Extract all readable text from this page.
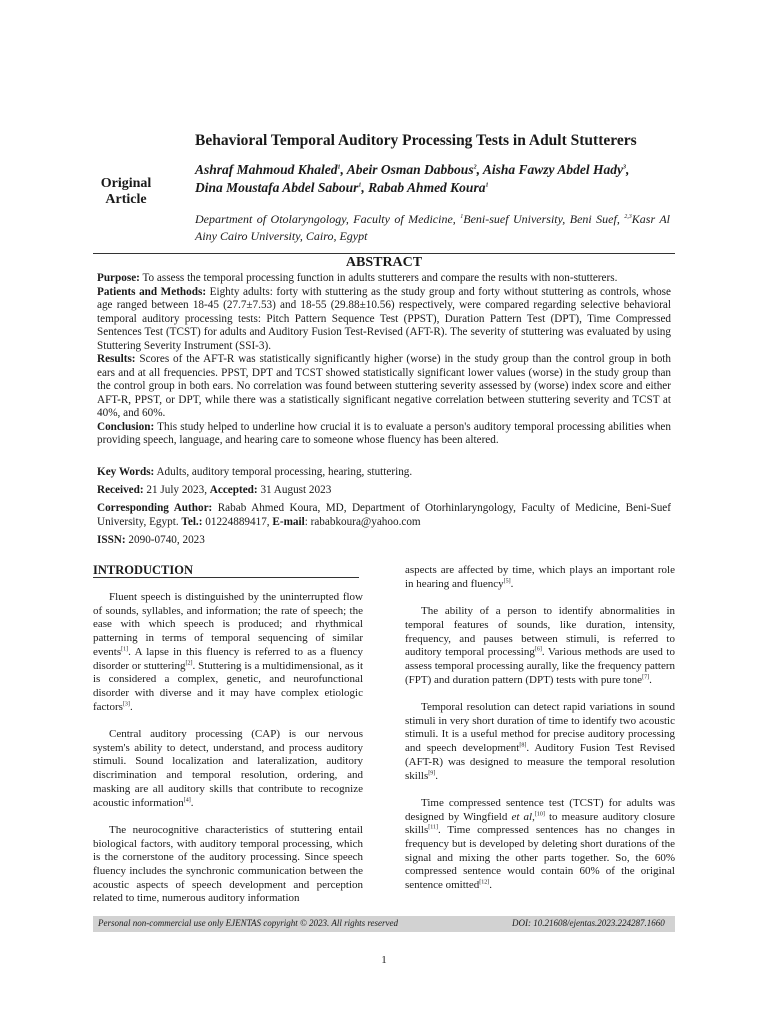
Behavioral Temporal Auditory Processing Tests in Adult Stutterers
Original
Article
Ashraf Mahmoud Khaled$^1$, Abeir Osman Dabbous$^2$, Aisha Fawzy Abdel Hady$^3$,
Dina Moustafa Abdel Sabour$^1$, Rabab Ahmed Koura$^1$
Department of Otolaryngology, Faculty of Medicine, $^1$Beni-suef University, Beni Suef, $^{2,3}$Kasr Al Ainy Cairo University, Cairo, Egypt
ABSTRACT

Purpose: To assess the temporal processing function in adults stutterers and compare the results with non-stutterers.

Patients and Methods: Eighty adults: forty with stuttering as the study group and forty without stuttering as controls, whose age ranged between 18-45 (27.7±7.53) and 18-55 (29.88±10.56) respectively, were compared regarding selective behavioral temporal auditory processing tests: Pitch Pattern Sequence Test (PPST), Duration Pattern Test (DPT), Time Compressed Sentences Test (TCST) for adults and Auditory Fusion Test-Revised (AFT-R). The severity of stuttering was evaluated by using Stuttering Severity Instrument (SSI-3).

Results: Scores of the AFT-R was statistically significantly higher (worse) in the study group than the control group in both ears and at all frequencies. PPST, DPT and TCST showed statistically significant lower values (worse) in the study group than the control group in both ears. No correlation was found between stuttering severity assessed by (worse) index score and either AFT-R, PPST, or DPT, while there was a statistically significant negative correlation between stuttering severity and TCST at 40%, and 60%.

Conclusion: This study helped to underline how crucial it is to evaluate a person's auditory temporal processing abilities when providing speech, language, and hearing care to someone whose fluency has been altered.

Key Words: Adults, auditory temporal processing, hearing, stuttering.

Received: 21 July 2023, Accepted: 31 August 2023

Corresponding Author: Rabab Ahmed Koura, MD, Department of Otorhinlaryngology, Faculty of Medicine, Beni-Suef University, Egypt. Tel.: 01224889417, E-mail: rababkoura@yahoo.com

ISSN: 2090-0740, 2023

INTRODUCTION

Fluent speech is distinguished by the uninterrupted flow of sounds, syllables, and information; the rate of speech; the ease with which speech is produced; and rhythmical patterning in terms of temporal sequencing of similar events[1]. A lapse in this fluency is referred to as a fluency disorder or stuttering[2]. Stuttering is a multidimensional, as it is considered a complex, genetic, and neurofunctional disorder with diverse and it may have complex etiologic factors[3].

Central auditory processing (CAP) is our nervous system's ability to detect, understand, and process auditory stimuli. Sound localization and lateralization, auditory discrimination and temporal resolution, ordering, and masking are all auditory skills that contribute to recognize acoustic information[4].

The neurocognitive characteristics of stuttering entail biological factors, with auditory temporal processing, which is the cornerstone of the auditory processing. Since speech fluency includes the synchronic communication between the acoustic aspects of speech development and perception related to time, numerous auditory information

aspects are affected by time, which plays an important role in hearing and fluency[5].

The ability of a person to identify abnormalities in temporal features of sounds, like duration, intensity, frequency, and pauses between stimuli, is referred to auditory temporal processing[6]. Various methods are used to assess temporal processing aurally, like the frequency pattern (FPT) and duration pattern (DPT) tests with pure tone[7].

Temporal resolution can detect rapid variations in sound stimuli in very short duration of time to identify two acoustic stimuli. It is a useful method for precise auditory processing and speech development[8]. Auditory Fusion Test Revised (AFT-R) was designed to measure the temporal resolution skills[9].

Time compressed sentence test (TCST) for adults was designed by Wingfield et al,[10] to measure auditory closure skills[11]. Time compressed sentences has no changes in frequency but is developed by deleting short durations of the signal and mixing the other parts together. So, the 60% compressed sentence would contain 60% of the original sentence omitted[12].

Personal non-commercial use only EJENTAS copyright © 2023. All rights reserved	DOI: 10.21608/ejentas.2023.224287.1660
1
